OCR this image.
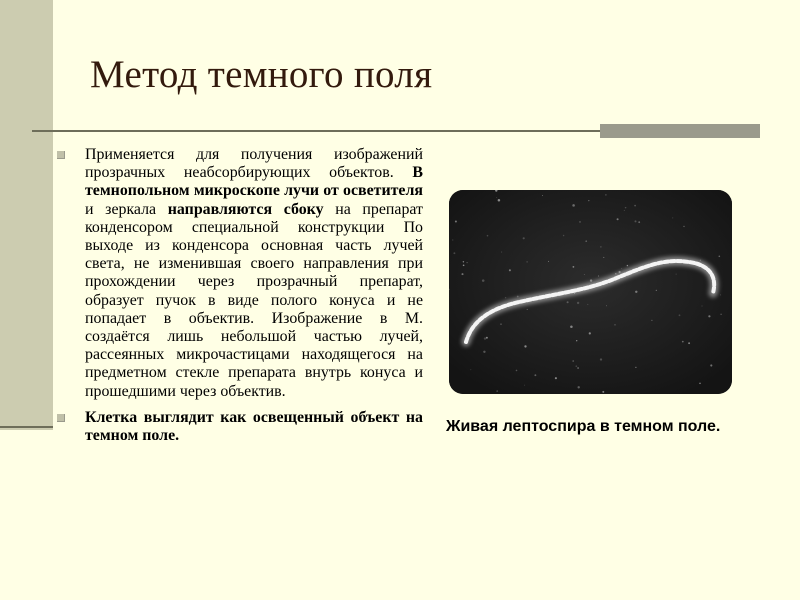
Метод темного поля

Применяется для получения изображений прозрачных неабсорбирующих объектов. В темнопольном микроскопе лучи от осветителя и зеркала направляются сбоку на препарат конденсором специальной конструкции По выходе из конденсора основная часть лучей света, не изменившая своего направления при прохождении через прозрачный препарат, образует пучок в виде полого конуса и не попадает в объектив. Изображение в М. создаётся лишь небольшой частью лучей, рассеянных микрочастицами находящегося на предметном стекле препарата внутрь конуса и прошедшими через объектив.

Клетка выглядит как освещенный объект на темном поле.

Живая лептоспира в темном поле.
